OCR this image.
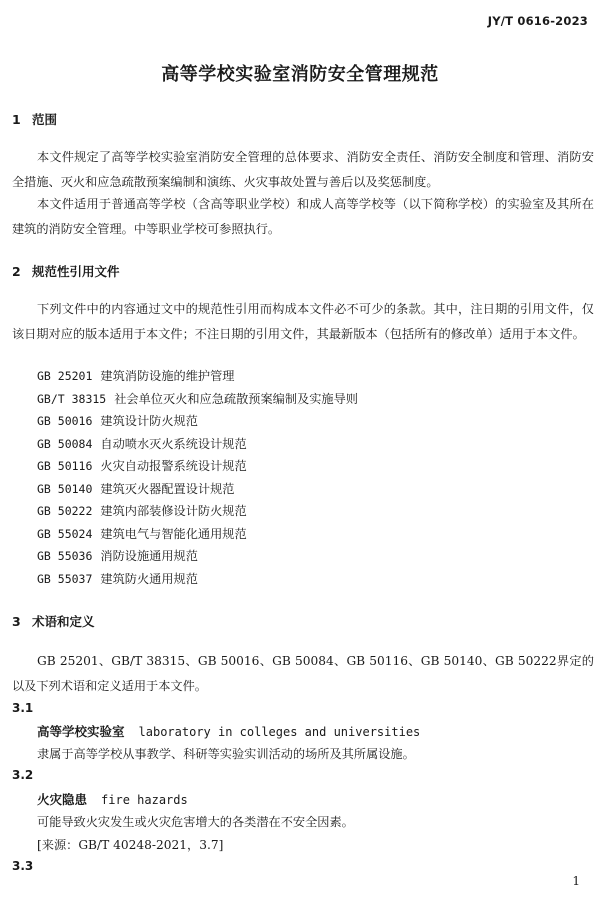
JY/T 0616-2023
高等学校实验室消防安全管理规范
1 范围

本文件规定了高等学校实验室消防安全管理的总体要求、消防安全责任、消防安全制度和管理、消防安全措施、灭火和应急疏散预案编制和演练、火灾事故处置与善后以及奖惩制度。

本文件适用于普通高等学校（含高等职业学校）和成人高等学校等（以下简称学校）的实验室及其所在建筑的消防安全管理。中等职业学校可参照执行。

2 规范性引用文件

下列文件中的内容通过文中的规范性引用而构成本文件必不可少的条款。其中，注日期的引用文件，仅该日期对应的版本适用于本文件；不注日期的引用文件，其最新版本（包括所有的修改单）适用于本文件。

GB 25201 建筑消防设施的维护管理
GB/T 38315 社会单位灭火和应急疏散预案编制及实施导则
GB 50016 建筑设计防火规范
GB 50084 自动喷水灭火系统设计规范
GB 50116 火灾自动报警系统设计规范
GB 50140 建筑灭火器配置设计规范
GB 50222 建筑内部装修设计防火规范
GB 55024 建筑电气与智能化通用规范
GB 55036 消防设施通用规范
GB 55037 建筑防火通用规范
3 术语和定义

GB 25201、GB/T 38315、GB 50016、GB 50084、GB 50116、GB 50140、GB 50222界定的以及下列术语和定义适用于本文件。

3.1
高等学校实验室 laboratory in colleges and universities
隶属于高等学校从事教学、科研等实验实训活动的场所及其所属设施。
3.2
火灾隐患 fire hazards
可能导致火灾发生或火灾危害增大的各类潜在不安全因素。
[来源：GB/T 40248-2021，3.7]
3.3
1
